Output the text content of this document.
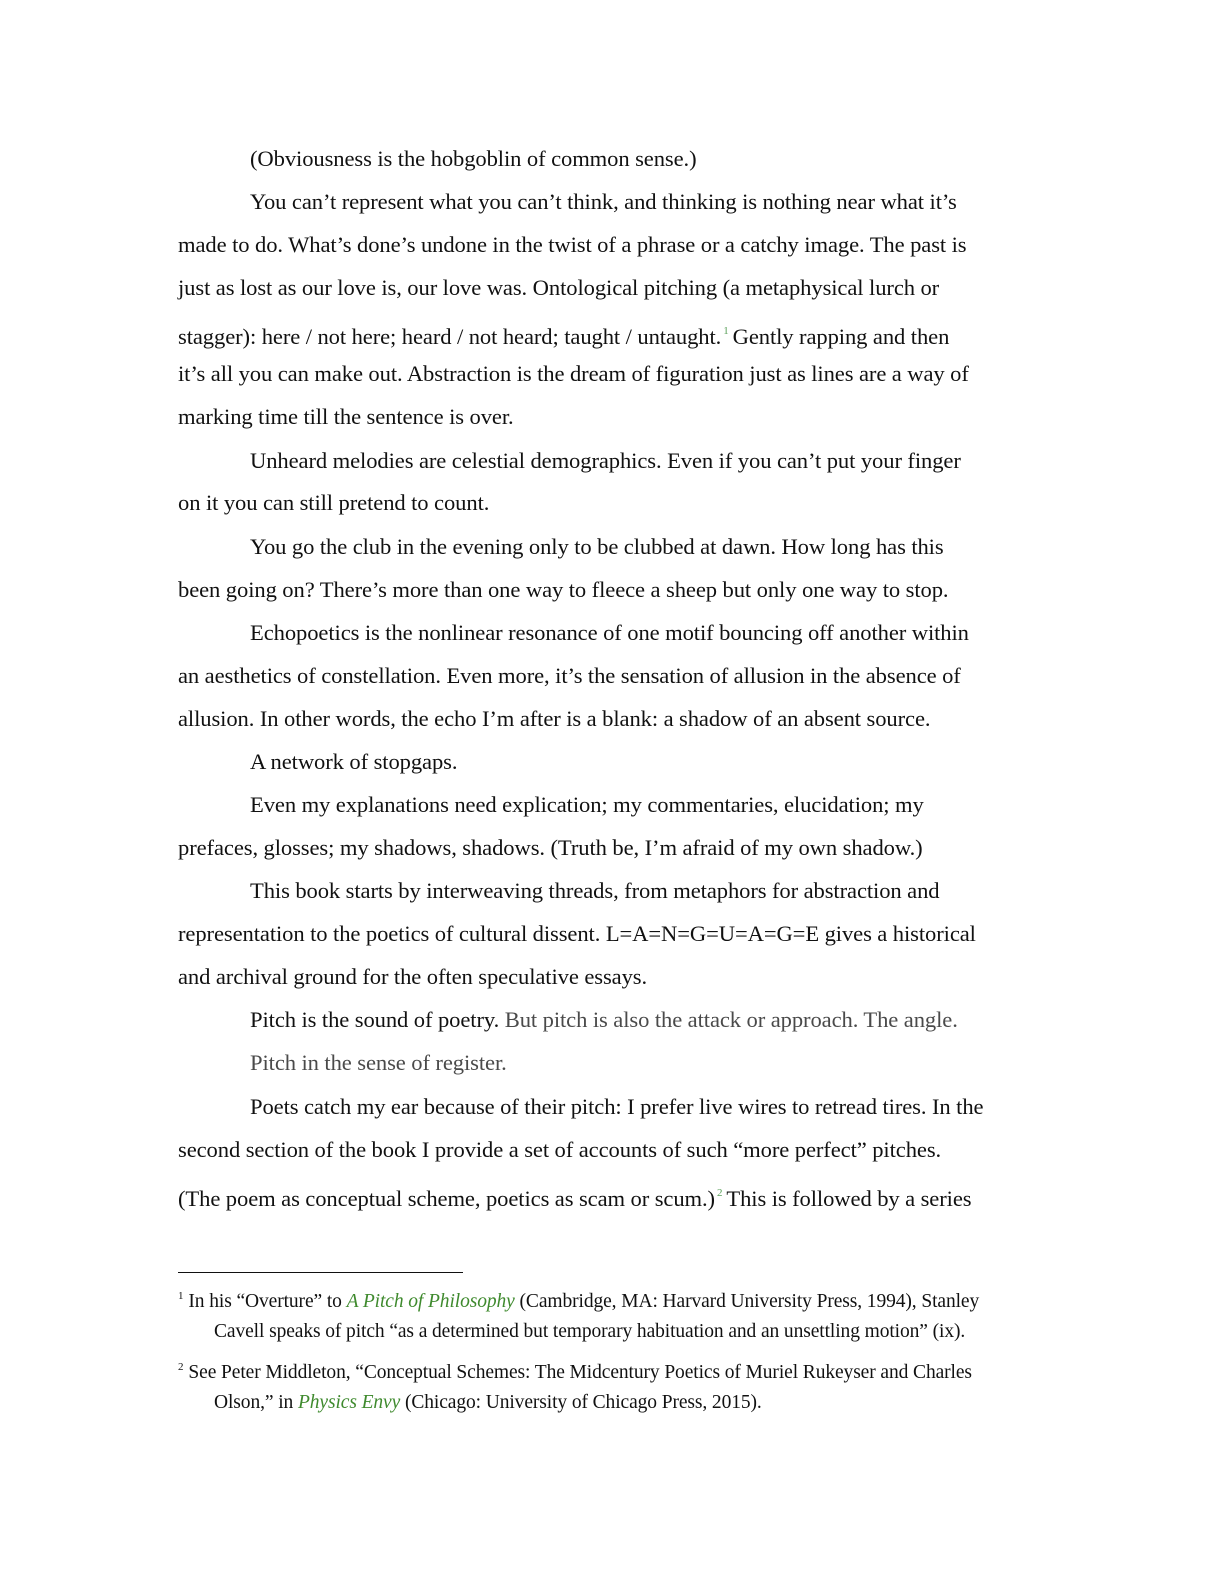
(Obviousness is the hobgoblin of common sense.)
You can’t represent what you can’t think, and thinking is nothing near what it’s
made to do. What’s done’s undone in the twist of a phrase or a catchy image. The past is
just as lost as our love is, our love was. Ontological pitching (a metaphysical lurch or
stagger): here / not here; heard / not heard; taught / untaught. $^1$ Gently rapping and then
it’s all you can make out. Abstraction is the dream of figuration just as lines are a way of
marking time till the sentence is over.
Unheard melodies are celestial demographics. Even if you can’t put your finger
on it you can still pretend to count.
You go the club in the evening only to be clubbed at dawn. How long has this
been going on? There’s more than one way to fleece a sheep but only one way to stop.
Echopoetics is the nonlinear resonance of one motif bouncing off another within
an aesthetics of constellation. Even more, it’s the sensation of allusion in the absence of
allusion. In other words, the echo I’m after is a blank: a shadow of an absent source.
A network of stopgaps.
Even my explanations need explication; my commentaries, elucidation; my
prefaces, glosses; my shadows, shadows. (Truth be, I’m afraid of my own shadow.)
This book starts by interweaving threads, from metaphors for abstraction and
representation to the poetics of cultural dissent. L=A=N=G=U=A=G=E gives a historical
and archival ground for the often speculative essays.
Pitch is the sound of poetry. But pitch is also the attack or approach. The angle.
Pitch in the sense of register.
Poets catch my ear because of their pitch: I prefer live wires to retread tires. In the
second section of the book I provide a set of accounts of such “more perfect” pitches.
(The poem as conceptual scheme, poetics as scam or scum.) $^2$ This is followed by a series
$^1$ In his “Overture” to A Pitch of Philosophy (Cambridge, MA: Harvard University Press, 1994), Stanley
Cavell speaks of pitch “as a determined but temporary habituation and an unsettling motion” (ix).
$^2$ See Peter Middleton, “Conceptual Schemes: The Midcentury Poetics of Muriel Rukeyser and Charles
Olson,” in Physics Envy (Chicago: University of Chicago Press, 2015).
